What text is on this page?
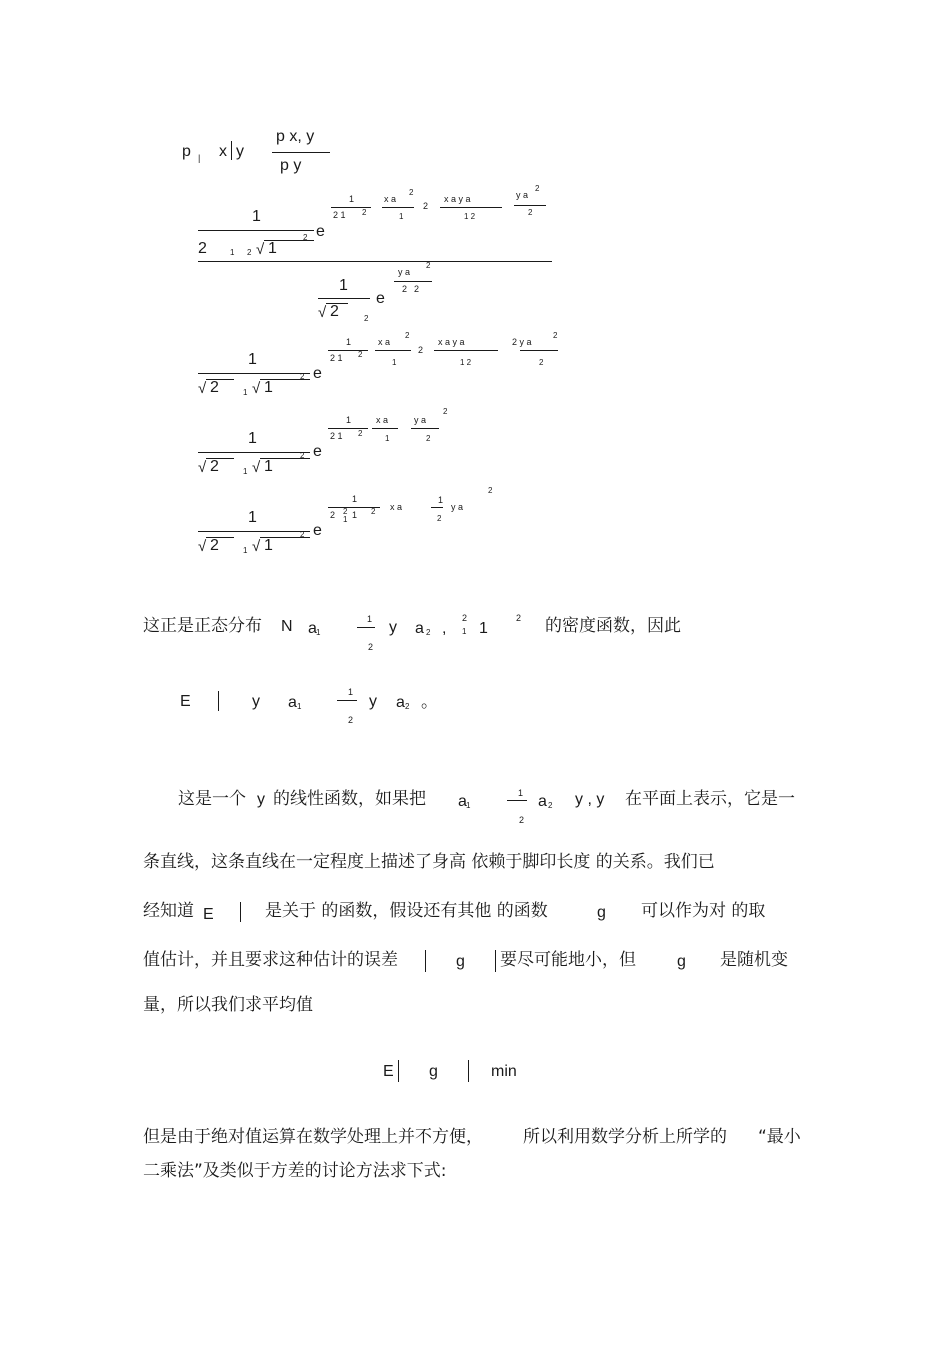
p | x y
p x, y
p y
1
2	1 2 √ 1
2 e
1
2 1 2
x a
2
1
2
x a y a
1 2
y a
2
2
1
√ 2	2
e
y a
2
2 2
1
√ 2	1 √ 1
2 e
1
2 1 2
x a
2
1
2
x a y a
1 2
2 y a
2
2
1
√ 2	1 √ 1
2 e
1
2 1 2
x a
1
y a
2
2
1
√ 2	1 √ 1
2 e
1
2 2
1 1 2 x a
1
2
y a
2
这正是正态分布 N a 1
1
2
y a 2 ,
2
1 1
2 的密度函数，因此
E	y a 1
1
2
y a 2 。
这是一个 y 的线性函数，如果把 a 1
1
2
a 2 y , y 在平面上表示，它是一
条直线，这条直线在一定程度上描述了身高 依赖于脚印长度 的关系。我们已
经知道 E	是关于 的函数，假设还有其他 的函数	g 可以作为对 的取
值估计，并且要求这种估计的误差	g 要尽可能地小，但	g 是随机变
量，所以我们求平均值
E g	min
但是由于绝对值运算在数学处理上并不方便， 所以利用数学分析上所学的 “最小
二乘法”及类似于方差的讨论方法求下式:
